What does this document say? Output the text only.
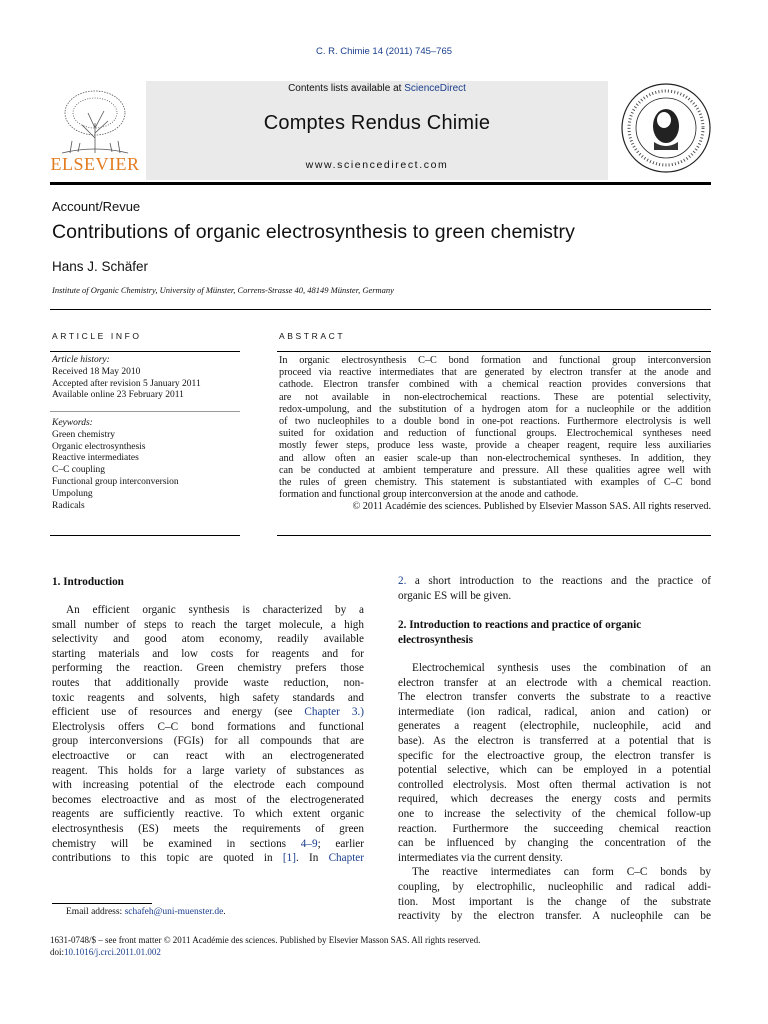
C. R. Chimie 14 (2011) 745–765
Contents lists available at ScienceDirect
Comptes Rendus Chimie
www.sciencedirect.com
ELSEVIER
Account/Revue
Contributions of organic electrosynthesis to green chemistry
Hans J. Schäfer
Institute of Organic Chemistry, University of Münster, Correns-Strasse 40, 48149 Münster, Germany
ARTICLE INFO
Article history:
Received 18 May 2010
Accepted after revision 5 January 2011
Available online 23 February 2011
Keywords:
Green chemistry
Organic electrosynthesis
Reactive intermediates
C–C coupling
Functional group interconversion
Umpolung
Radicals
ABSTRACT
In organic electrosynthesis C–C bond formation and functional group interconversion
proceed via reactive intermediates that are generated by electron transfer at the anode and
cathode. Electron transfer combined with a chemical reaction provides conversions that
are not available in non-electrochemical reactions. These are potential selectivity,
redox-umpolung, and the substitution of a hydrogen atom for a nucleophile or the addition
of two nucleophiles to a double bond in one-pot reactions. Furthermore electrolysis is well
suited for oxidation and reduction of functional groups. Electrochemical syntheses need
mostly fewer steps, produce less waste, provide a cheaper reagent, require less auxiliaries
and allow often an easier scale-up than non-electrochemical syntheses. In addition, they
can be conducted at ambient temperature and pressure. All these qualities agree well with
the rules of green chemistry. This statement is substantiated with examples of C–C bond
formation and functional group interconversion at the anode and cathode.
© 2011 Académie des sciences. Published by Elsevier Masson SAS. All rights reserved.
1. Introduction
An efficient organic synthesis is characterized by a
small number of steps to reach the target molecule, a high
selectivity and good atom economy, readily available
starting materials and low costs for reagents and for
performing the reaction. Green chemistry prefers those
routes that additionally provide waste reduction, non-
toxic reagents and solvents, high safety standards and
efficient use of resources and energy (see Chapter 3.)
Electrolysis offers C–C bond formations and functional
group interconversions (FGIs) for all compounds that are
electroactive or can react with an electrogenerated
reagent. This holds for a large variety of substances as
with increasing potential of the electrode each compound
becomes electroactive and as most of the electrogenerated
reagents are sufficiently reactive. To which extent organic
electrosynthesis (ES) meets the requirements of green
chemistry will be examined in sections 4–9; earlier
contributions to this topic are quoted in [1]. In Chapter
Email address: schafeh@uni-muenster.de.
2. a short introduction to the reactions and the practice of
organic ES will be given.
2. Introduction to reactions and practice of organic electrosynthesis
Electrochemical synthesis uses the combination of an
electron transfer at an electrode with a chemical reaction.
The electron transfer converts the substrate to a reactive
intermediate (ion radical, radical, anion and cation) or
generates a reagent (electrophile, nucleophile, acid and
base). As the electron is transferred at a potential that is
specific for the electroactive group, the electron transfer is
potential selective, which can be employed in a potential
controlled electrolysis. Most often thermal activation is not
required, which decreases the energy costs and permits
one to increase the selectivity of the chemical follow-up
reaction. Furthermore the succeeding chemical reaction
can be influenced by changing the concentration of the
intermediates via the current density.
The reactive intermediates can form C–C bonds by
coupling, by electrophilic, nucleophilic and radical addi-
tion. Most important is the change of the substrate
reactivity by the electron transfer. A nucleophile can be
1631-0748/$ – see front matter © 2011 Académie des sciences. Published by Elsevier Masson SAS. All rights reserved.
doi:10.1016/j.crci.2011.01.002
